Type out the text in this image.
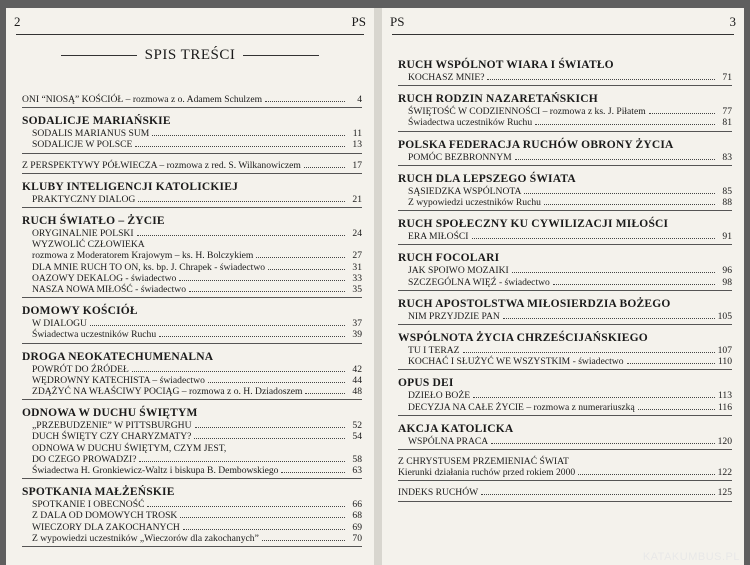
2	PS
SPIS TREŚCI
ONI “NIOSĄ” KOŚCIÓŁ – rozmowa z o. Adamem Schulzem	4
SODALICJE MARIAŃSKIE
SODALIS MARIANUS SUM	11
SODALICJE W POLSCE	13
Z PERSPEKTYWY PÓŁWIECZA – rozmowa z red. S. Wilkanowiczem	17
KLUBY INTELIGENCJI KATOLICKIEJ
PRAKTYCZNY DIALOG	21
RUCH ŚWIATŁO – ŻYCIE
ORYGINALNIE POLSKI	24
WYZWOLIĆ CZŁOWIEKA
rozmowa z Moderatorem Krajowym – ks. H. Bolczykiem	27
DLA MNIE RUCH TO ON, ks. bp. J. Chrapek - świadectwo	31
OAZOWY DEKALOG - świadectwo	33
NASZA NOWA MIŁOŚĆ - świadectwo	35
DOMOWY KOŚCIÓŁ
W DIALOGU	37
Świadectwa uczestników Ruchu	39
DROGA NEOKATECHUMENALNA
POWRÓT DO ŹRÓDEŁ	42
WĘDROWNY KATECHISTA – świadectwo	44
ZDĄŻYĆ NA WŁAŚCIWY POCIĄG – rozmowa z o. H. Dziadoszem	48
ODNOWA W DUCHU ŚWIĘTYM
„PRZEBUDZENIE” W PITTSBURGHU	52
DUCH ŚWIĘTY CZY CHARYZMATY?	54
ODNOWA W DUCHU ŚWIĘTYM, CZYM JEST,
DO CZEGO PROWADZI?	58
Świadectwa H. Gronkiewicz-Waltz i biskupa B. Dembowskiego	63
SPOTKANIA MAŁŻEŃSKIE
SPOTKANIE I OBECNOŚĆ	66
Z DALA OD DOMOWYCH TROSK	68
WIECZORY DLA ZAKOCHANYCH	69
Z wypowiedzi uczestników „Wieczorów dla zakochanych”	70
PS	3
RUCH WSPÓLNOT WIARA I ŚWIATŁO
KOCHASZ MNIE?	71
RUCH RODZIN NAZARETAŃSKICH
ŚWIĘTOŚĆ W CODZIENNOŚCI – rozmowa z ks. J. Piłatem	77
Świadectwa uczestników Ruchu	81
POLSKA FEDERACJA RUCHÓW OBRONY ŻYCIA
POMÓC BEZBRONNYM	83
RUCH DLA LEPSZEGO ŚWIATA
SĄSIEDZKA WSPÓLNOTA	85
Z wypowiedzi uczestników Ruchu	88
RUCH SPOŁECZNY KU CYWILIZACJI MIŁOŚCI
ERA MIŁOŚCI	91
RUCH FOCOLARI
JAK SPOIWO MOZAIKI	96
SZCZEGÓLNA WIĘŹ - świadectwo	98
RUCH APOSTOLSTWA MIŁOSIERDZIA BOŻEGO
NIM PRZYJDZIE PAN	105
WSPÓLNOTA ŻYCIA CHRZEŚCIJAŃSKIEGO
TU I TERAZ	107
KOCHAĆ I SŁUŻYĆ WE WSZYSTKIM - świadectwo	110
OPUS DEI
DZIEŁO BOŻE	113
DECYZJA NA CAŁE ŻYCIE – rozmowa z numerariuszką	116
AKCJA KATOLICKA
WSPÓLNA PRACA	120
Z CHRYSTUSEM PRZEMIENIAĆ ŚWIAT
Kierunki działania ruchów przed rokiem 2000	122
INDEKS RUCHÓW	125
KATAKUMBUS.PL
